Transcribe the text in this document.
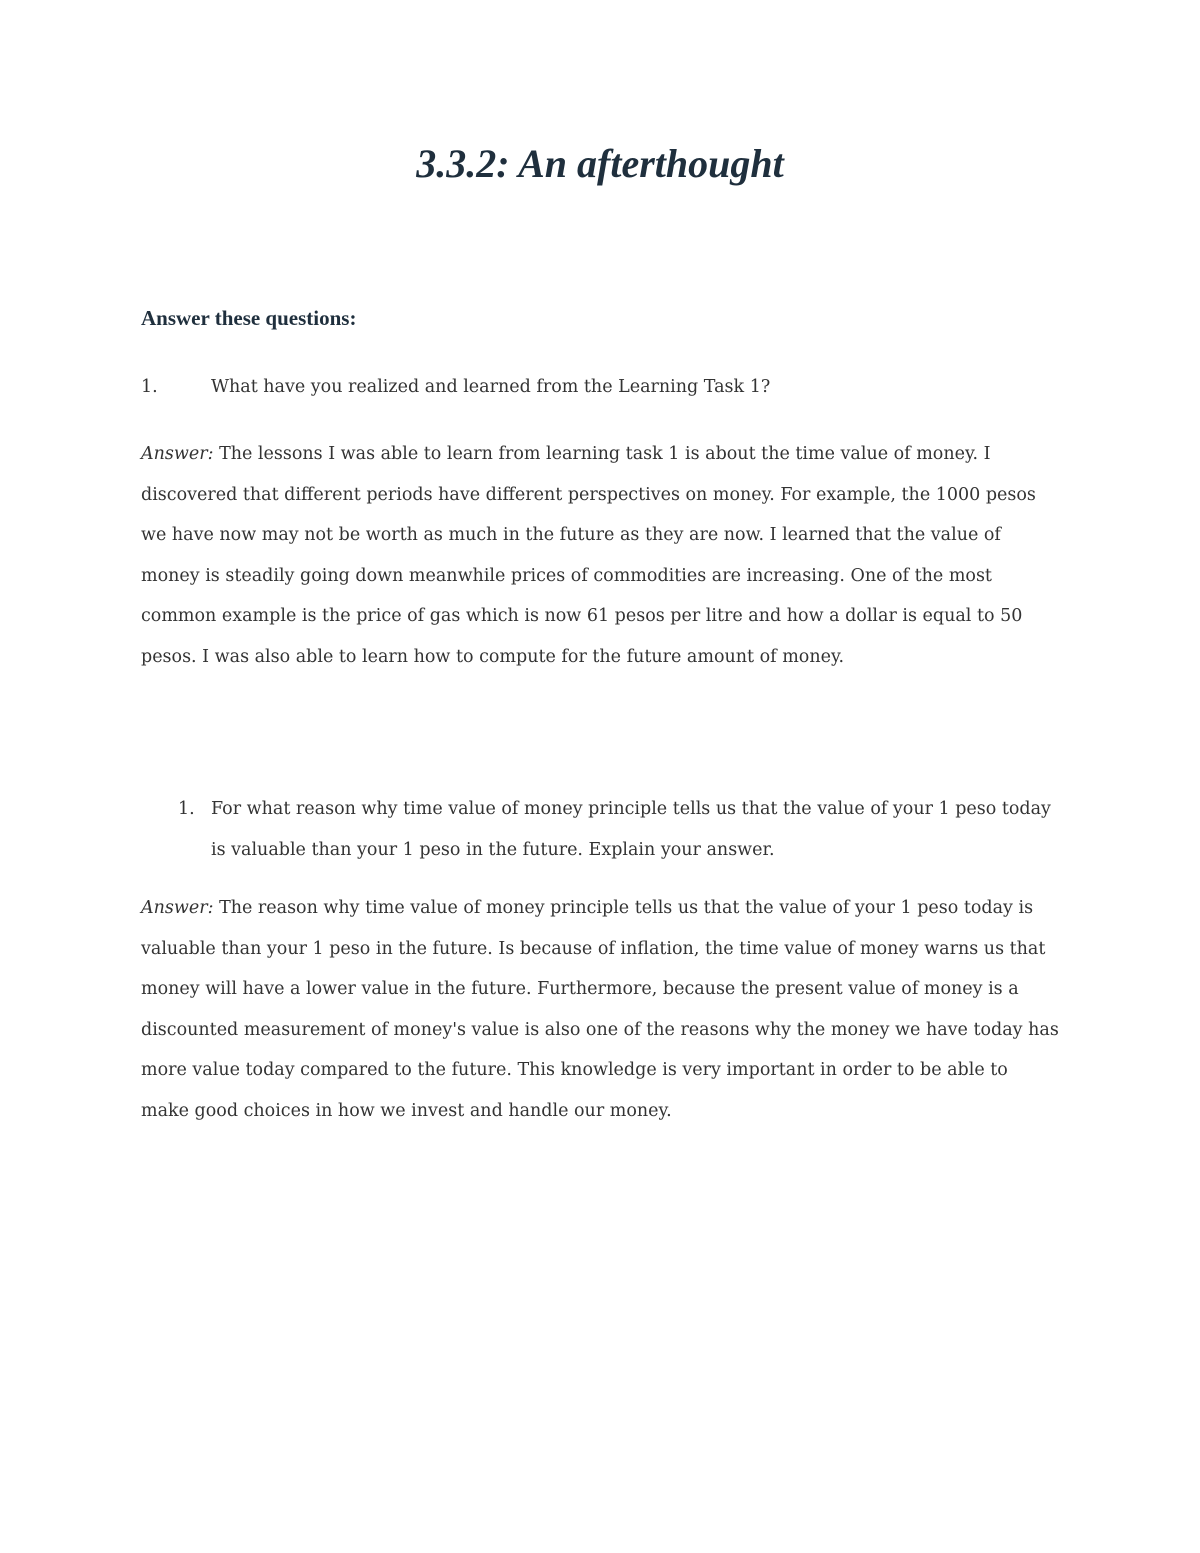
3.3.2: An afterthought

Answer these questions:

1.	What have you realized and learned from the Learning Task 1?

Answer: The lessons I was able to learn from learning task 1 is about the time value of money. I discovered that different periods have different perspectives on money. For example, the 1000 pesos we have now may not be worth as much in the future as they are now. I learned that the value of money is steadily going down meanwhile prices of commodities are increasing. One of the most common example is the price of gas which is now 61 pesos per litre and how a dollar is equal to 50 pesos. I was also able to learn how to compute for the future amount of money.

1. For what reason why time value of money principle tells us that the value of your 1 peso today is valuable than your 1 peso in the future. Explain your answer.

Answer: The reason why time value of money principle tells us that the value of your 1 peso today is valuable than your 1 peso in the future. Is because of inflation, the time value of money warns us that money will have a lower value in the future. Furthermore, because the present value of money is a discounted measurement of money's value is also one of the reasons why the money we have today has more value today compared to the future. This knowledge is very important in order to be able to make good choices in how we invest and handle our money.
